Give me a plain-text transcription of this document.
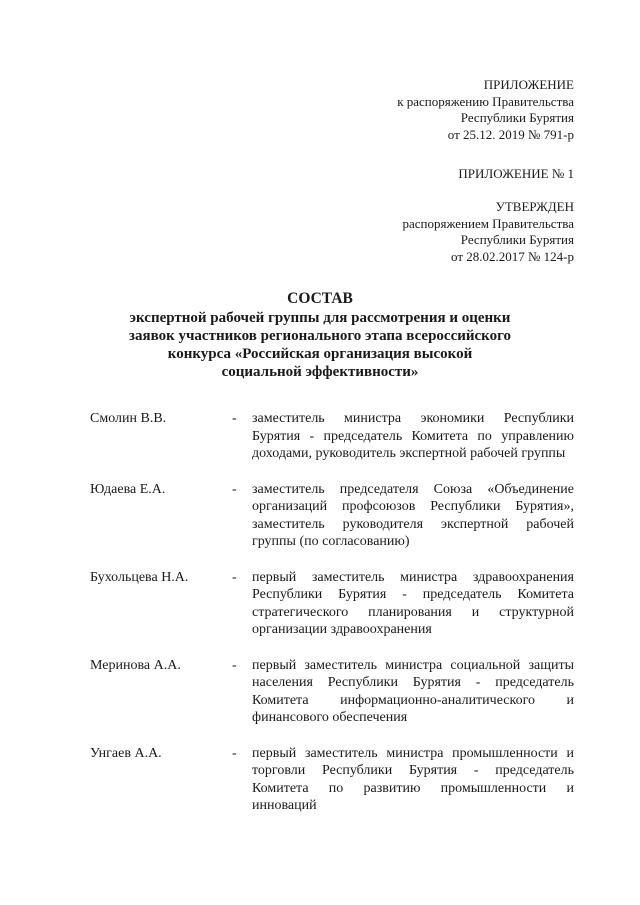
ПРИЛОЖЕНИЕ
к распоряжению Правительства
Республики Бурятия
от 25.12. 2019 № 791-р
ПРИЛОЖЕНИЕ № 1
УТВЕРЖДЕН
распоряжением Правительства
Республики Бурятия
от 28.02.2017 № 124-р
СОСТАВ
экспертной рабочей группы для рассмотрения и оценки
заявок участников регионального этапа всероссийского
конкурса «Российская организация высокой
социальной эффективности»
Смолин В.В.	-	заместитель министра экономики Республики Бурятия - председатель Комитета по управлению доходами, руководитель экспертной рабочей группы
Юдаева Е.А.	-	заместитель председателя Союза «Объединение организаций профсоюзов Республики Бурятия», заместитель руководителя экспертной рабочей группы (по согласованию)
Бухольцева Н.А.	-	первый заместитель министра здравоохранения Республики Бурятия - председатель Комитета стратегического планирования и структурной организации здравоохранения
Меринова А.А.	-	первый заместитель министра социальной защиты населения Республики Бурятия - председатель Комитета информационно-аналитического и финансового обеспечения
Унгаев А.А.	-	первый заместитель министра промышленности и торговли Республики Бурятия - председатель Комитета по развитию промышленности и инноваций
